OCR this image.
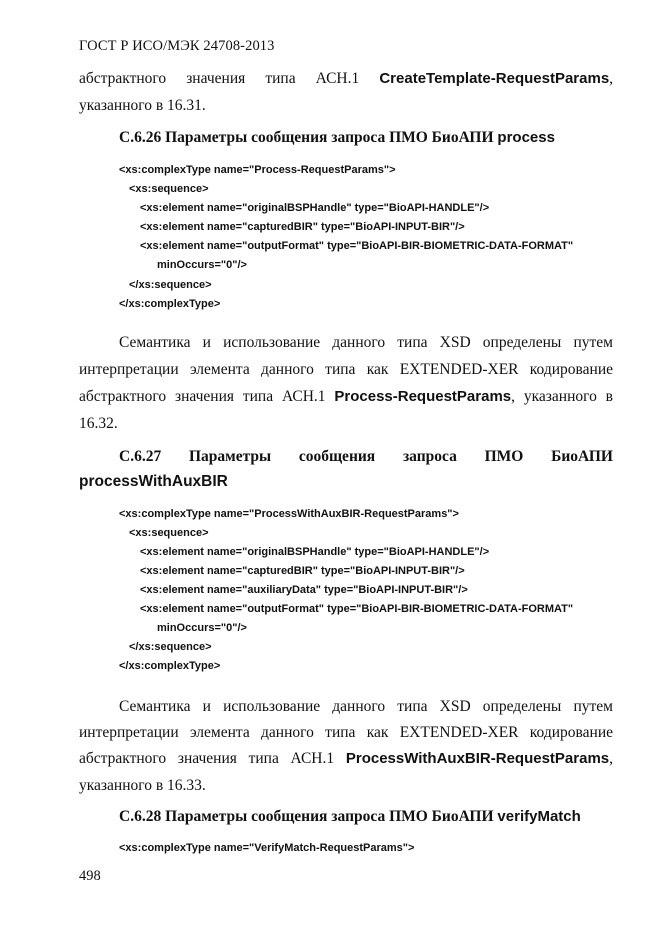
ГОСТ Р ИСО/МЭК 24708-2013
абстрактного значения типа АСН.1 CreateTemplate-RequestParams,
указанного в 16.31.
С.6.26 Параметры сообщения запроса ПМО БиоАПИ process
<xs:complexType name="Process-RequestParams">
<xs:sequence>
<xs:element name="originalBSPHandle" type="BioAPI-HANDLE"/>
<xs:element name="capturedBIR" type="BioAPI-INPUT-BIR"/>
<xs:element name="outputFormat" type="BioAPI-BIR-BIOMETRIC-DATA-FORMAT"
minOccurs="0"/>
</xs:sequence>
</xs:complexType>
Семантика и использование данного типа XSD определены путем
интерпретации элемента данного типа как EXTENDED-XER кодирование
абстрактного значения типа АСН.1 Process-RequestParams, указанного в
16.32.
С.6.27 Параметры сообщения запроса ПМО БиоАПИ
processWithAuxBIR
<xs:complexType name="ProcessWithAuxBIR-RequestParams">
<xs:sequence>
<xs:element name="originalBSPHandle" type="BioAPI-HANDLE"/>
<xs:element name="capturedBIR" type="BioAPI-INPUT-BIR"/>
<xs:element name="auxiliaryData" type="BioAPI-INPUT-BIR"/>
<xs:element name="outputFormat" type="BioAPI-BIR-BIOMETRIC-DATA-FORMAT"
minOccurs="0"/>
</xs:sequence>
</xs:complexType>
Семантика и использование данного типа XSD определены путем
интерпретации элемента данного типа как EXTENDED-XER кодирование
абстрактного значения типа АСН.1 ProcessWithAuxBIR-RequestParams,
указанного в 16.33.
С.6.28 Параметры сообщения запроса ПМО БиоАПИ verifyMatch
<xs:complexType name="VerifyMatch-RequestParams">
498
